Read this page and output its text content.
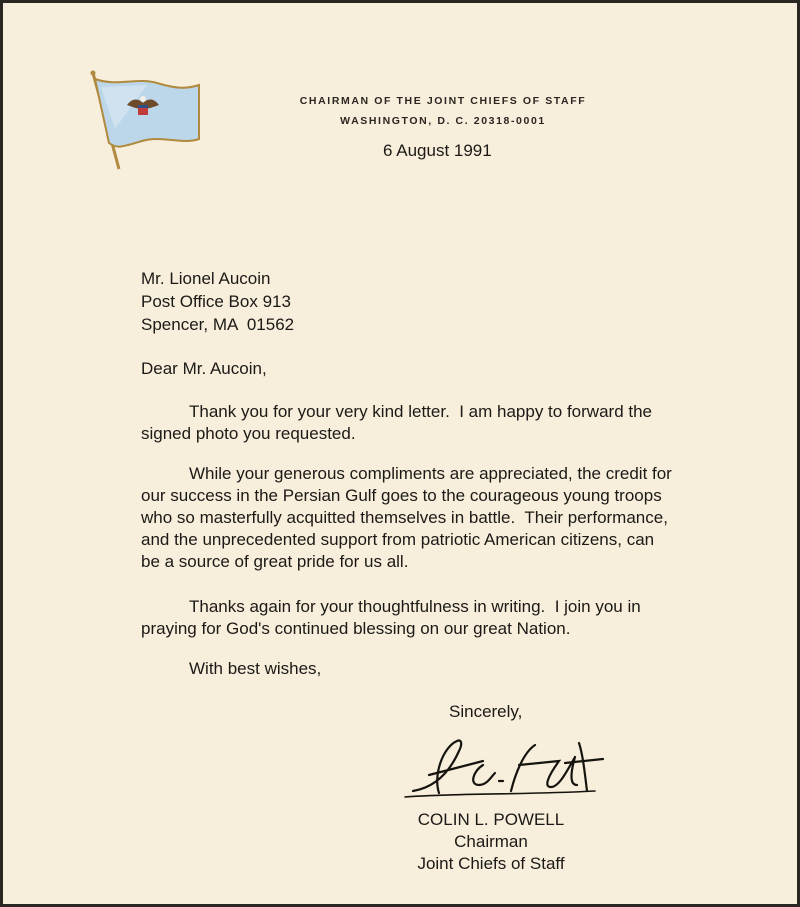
CHAIRMAN OF THE JOINT CHIEFS OF STAFF
WASHINGTON, D. C. 20318-0001
6 August 1991
Mr. Lionel Aucoin
Post Office Box 913
Spencer, MA  01562
Dear Mr. Aucoin,
Thank you for your very kind letter.  I am happy to forward the
signed photo you requested.
While your generous compliments are appreciated, the credit for
our success in the Persian Gulf goes to the courageous young troops
who so masterfully acquitted themselves in battle.  Their performance,
and the unprecedented support from patriotic American citizens, can
be a source of great pride for us all.
Thanks again for your thoughtfulness in writing.  I join you in
praying for God's continued blessing on our great Nation.
With best wishes,
Sincerely,
COLIN L. POWELL
Chairman
Joint Chiefs of Staff
